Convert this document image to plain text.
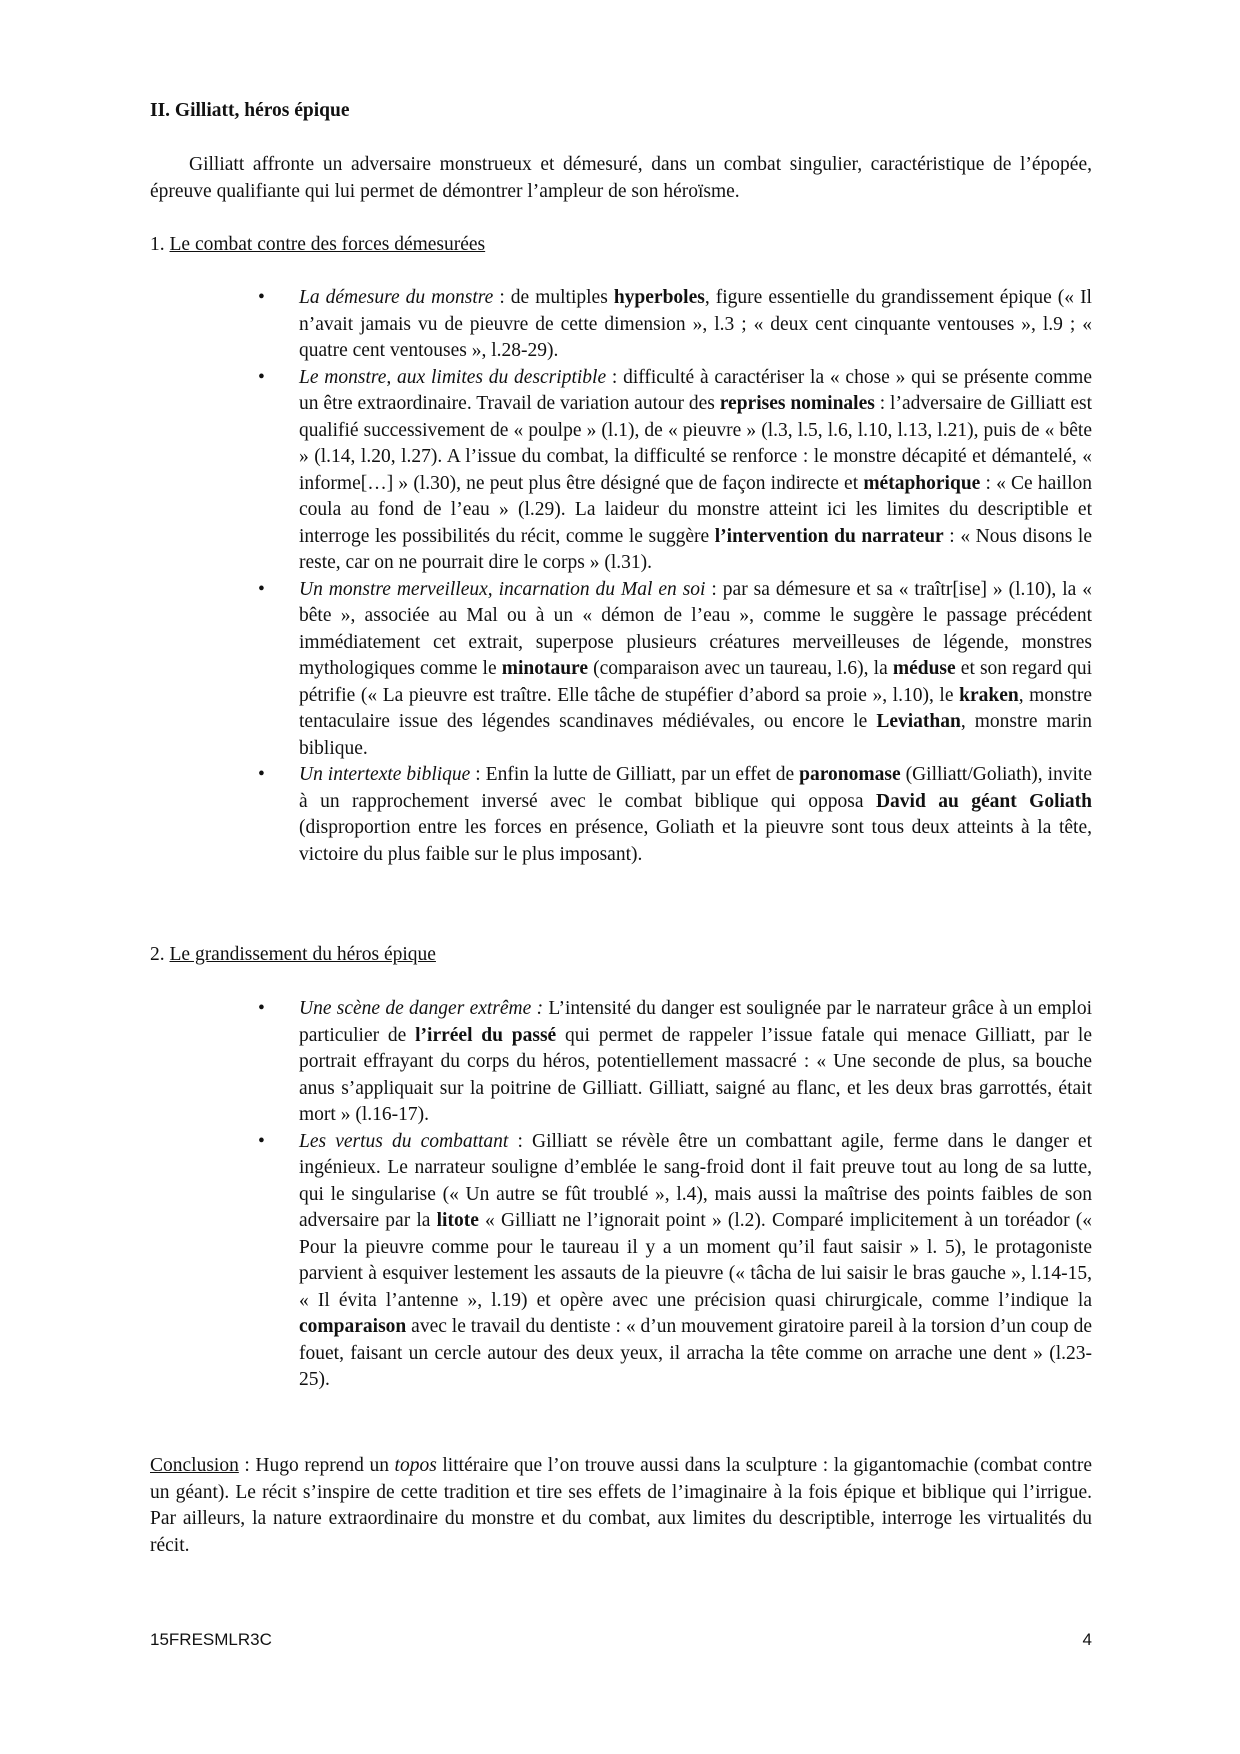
II. Gilliatt, héros épique

Gilliatt affronte un adversaire monstrueux et démesuré, dans un combat singulier, caractéristique de l’épopée, épreuve qualifiante qui lui permet de démontrer l’ampleur de son héroïsme.

1. Le combat contre des forces démesurées
• La démesure du monstre : de multiples hyperboles, figure essentielle du grandissement épique (« Il n’avait jamais vu de pieuvre de cette dimension », l.3 ; « deux cent cinquante ventouses », l.9 ; « quatre cent ventouses », l.28-29).
• Le monstre, aux limites du descriptible : difficulté à caractériser la « chose » qui se présente comme un être extraordinaire. Travail de variation autour des reprises nominales : l’adversaire de Gilliatt est qualifié successivement de « poulpe » (l.1), de « pieuvre » (l.3, l.5, l.6, l.10, l.13, l.21), puis de « bête » (l.14, l.20, l.27). A l’issue du combat, la difficulté se renforce : le monstre décapité et démantelé, « informe[…] » (l.30), ne peut plus être désigné que de façon indirecte et métaphorique : « Ce haillon coula au fond de l’eau » (l.29). La laideur du monstre atteint ici les limites du descriptible et interroge les possibilités du récit, comme le suggère l’intervention du narrateur : « Nous disons le reste, car on ne pourrait dire le corps » (l.31).
• Un monstre merveilleux, incarnation du Mal en soi : par sa démesure et sa « traîtr[ise] » (l.10), la « bête », associée au Mal ou à un « démon de l’eau », comme le suggère le passage précédent immédiatement cet extrait, superpose plusieurs créatures merveilleuses de légende, monstres mythologiques comme le minotaure (comparaison avec un taureau, l.6), la méduse et son regard qui pétrifie (« La pieuvre est traître. Elle tâche de stupéfier d’abord sa proie », l.10), le kraken, monstre tentaculaire issue des légendes scandinaves médiévales, ou encore le Leviathan, monstre marin biblique.
• Un intertexte biblique : Enfin la lutte de Gilliatt, par un effet de paronomase (Gilliatt/Goliath), invite à un rapprochement inversé avec le combat biblique qui opposa David au géant Goliath (disproportion entre les forces en présence, Goliath et la pieuvre sont tous deux atteints à la tête, victoire du plus faible sur le plus imposant).
2. Le grandissement du héros épique
• Une scène de danger extrême : L’intensité du danger est soulignée par le narrateur grâce à un emploi particulier de l’irréel du passé qui permet de rappeler l’issue fatale qui menace Gilliatt, par le portrait effrayant du corps du héros, potentiellement massacré : « Une seconde de plus, sa bouche anus s’appliquait sur la poitrine de Gilliatt. Gilliatt, saigné au flanc, et les deux bras garrottés, était mort » (l.16-17).
• Les vertus du combattant : Gilliatt se révèle être un combattant agile, ferme dans le danger et ingénieux. Le narrateur souligne d’emblée le sang-froid dont il fait preuve tout au long de sa lutte, qui le singularise (« Un autre se fût troublé », l.4), mais aussi la maîtrise des points faibles de son adversaire par la litote « Gilliatt ne l’ignorait point » (l.2). Comparé implicitement à un toréador (« Pour la pieuvre comme pour le taureau il y a un moment qu’il faut saisir » l. 5), le protagoniste parvient à esquiver lestement les assauts de la pieuvre (« tâcha de lui saisir le bras gauche », l.14-15, « Il évita l’antenne », l.19) et opère avec une précision quasi chirurgicale, comme l’indique la comparaison avec le travail du dentiste : « d’un mouvement giratoire pareil à la torsion d’un coup de fouet, faisant un cercle autour des deux yeux, il arracha la tête comme on arrache une dent » (l.23-25).

Conclusion : Hugo reprend un topos littéraire que l’on trouve aussi dans la sculpture : la gigantomachie (combat contre un géant). Le récit s’inspire de cette tradition et tire ses effets de l’imaginaire à la fois épique et biblique qui l’irrigue. Par ailleurs, la nature extraordinaire du monstre et du combat, aux limites du descriptible, interroge les virtualités du récit.

15FRESMLR3C	4
